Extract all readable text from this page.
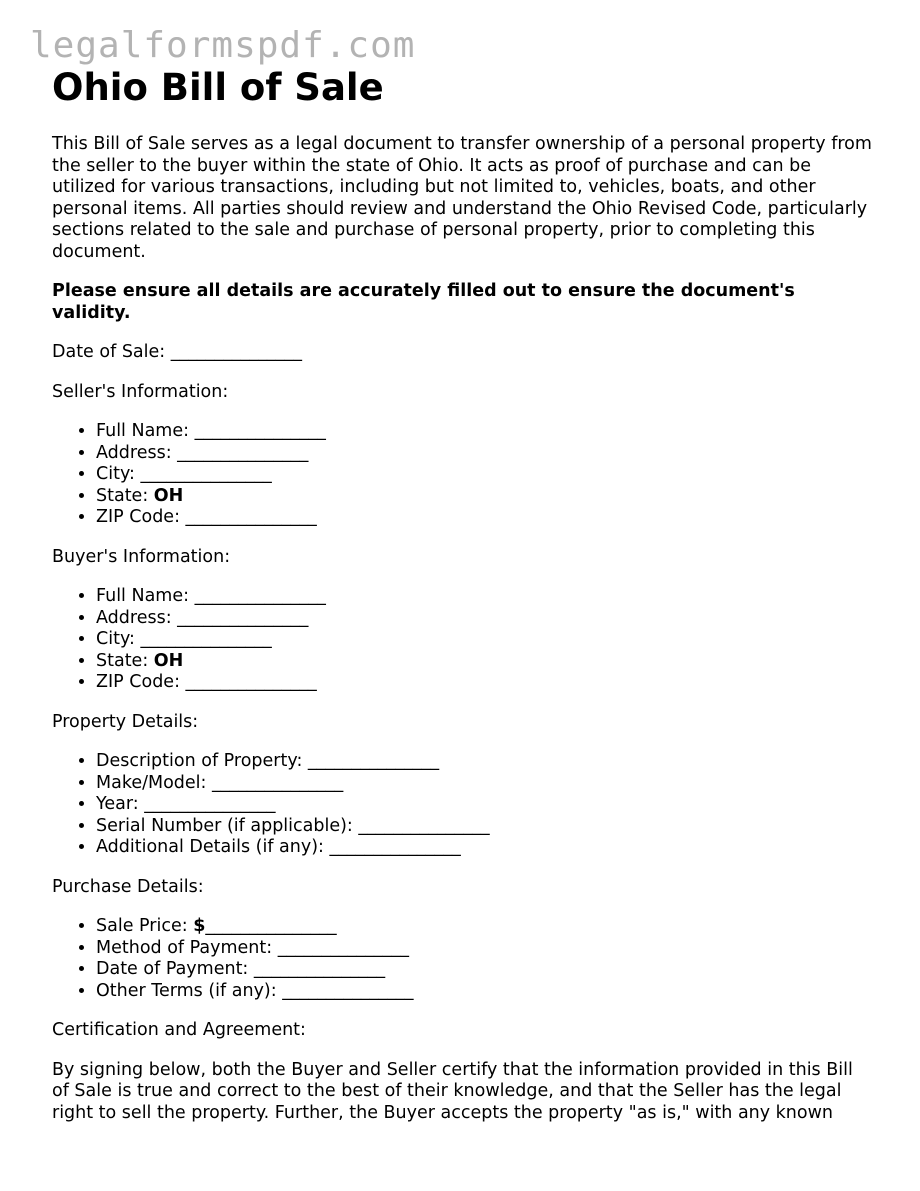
legalformspdf.com
Ohio Bill of Sale

This Bill of Sale serves as a legal document to transfer ownership of a personal property from the seller to the buyer within the state of Ohio. It acts as proof of purchase and can be utilized for various transactions, including but not limited to, vehicles, boats, and other personal items. All parties should review and understand the Ohio Revised Code, particularly sections related to the sale and purchase of personal property, prior to completing this document.

Please ensure all details are accurately filled out to ensure the document's validity.

Date of Sale: _______________

Seller's Information:

• Full Name: _______________
• Address: _______________
• City: _______________
• State: OH
• ZIP Code: _______________

Buyer's Information:

• Full Name: _______________
• Address: _______________
• City: _______________
• State: OH
• ZIP Code: _______________

Property Details:

• Description of Property: _______________
• Make/Model: _______________
• Year: _______________
• Serial Number (if applicable): _______________
• Additional Details (if any): _______________

Purchase Details:

• Sale Price: $_______________
• Method of Payment: _______________
• Date of Payment: _______________
• Other Terms (if any): _______________

Certification and Agreement:

By signing below, both the Buyer and Seller certify that the information provided in this Bill of Sale is true and correct to the best of their knowledge, and that the Seller has the legal right to sell the property. Further, the Buyer accepts the property "as is," with any known
